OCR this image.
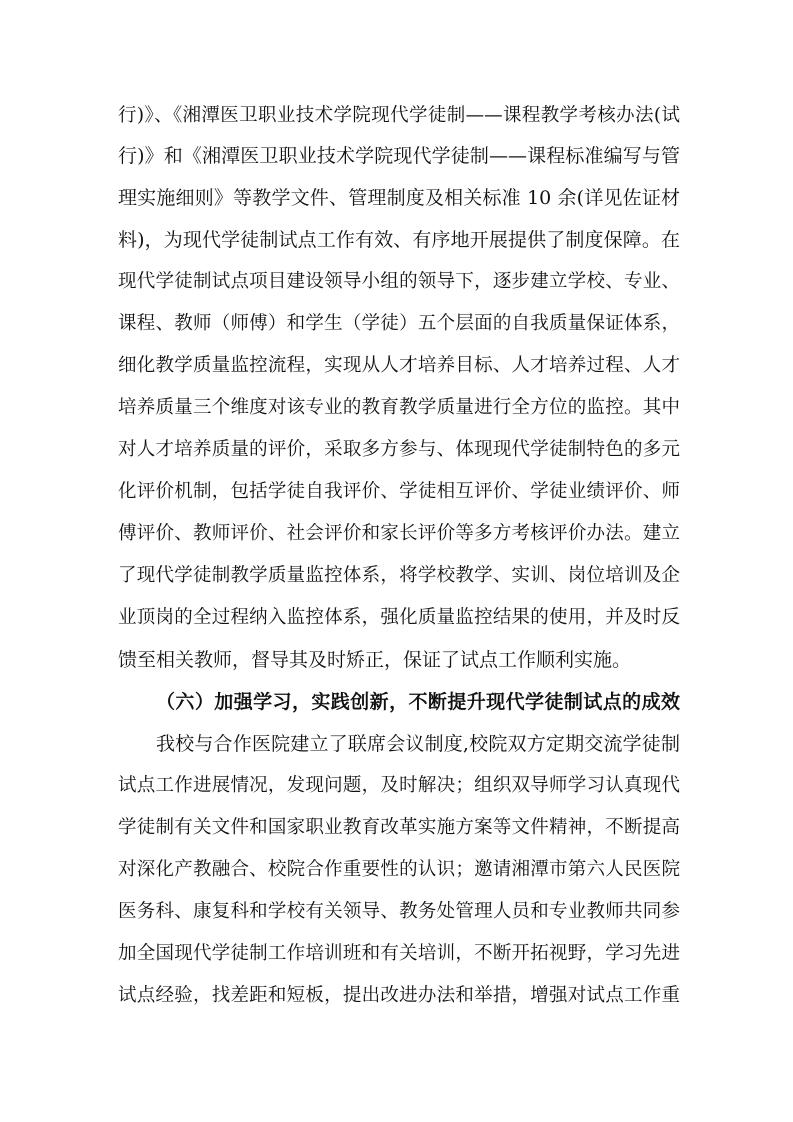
行)》、《湘潭医卫职业技术学院现代学徒制——课程教学考核办法(试
行)》和《湘潭医卫职业技术学院现代学徒制——课程标准编写与管
理实施细则》等教学文件、管理制度及相关标准 10 余(详见佐证材
料)，为现代学徒制试点工作有效、有序地开展提供了制度保障。在
现代学徒制试点项目建设领导小组的领导下，逐步建立学校、专业、
课程、教师（师傅）和学生（学徒）五个层面的自我质量保证体系，
细化教学质量监控流程，实现从人才培养目标、人才培养过程、人才
培养质量三个维度对该专业的教育教学质量进行全方位的监控。其中
对人才培养质量的评价，采取多方参与、体现现代学徒制特色的多元
化评价机制，包括学徒自我评价、学徒相互评价、学徒业绩评价、师
傅评价、教师评价、社会评价和家长评价等多方考核评价办法。建立
了现代学徒制教学质量监控体系，将学校教学、实训、岗位培训及企
业顶岗的全过程纳入监控体系，强化质量监控结果的使用，并及时反
馈至相关教师，督导其及时矫正，保证了试点工作顺利实施。
（六）加强学习，实践创新，不断提升现代学徒制试点的成效
我校与合作医院建立了联席会议制度,校院双方定期交流学徒制
试点工作进展情况，发现问题，及时解决；组织双导师学习认真现代
学徒制有关文件和国家职业教育改革实施方案等文件精神，不断提高
对深化产教融合、校院合作重要性的认识；邀请湘潭市第六人民医院
医务科、康复科和学校有关领导、教务处管理人员和专业教师共同参
加全国现代学徒制工作培训班和有关培训，不断开拓视野，学习先进
试点经验，找差距和短板，提出改进办法和举措，增强对试点工作重
